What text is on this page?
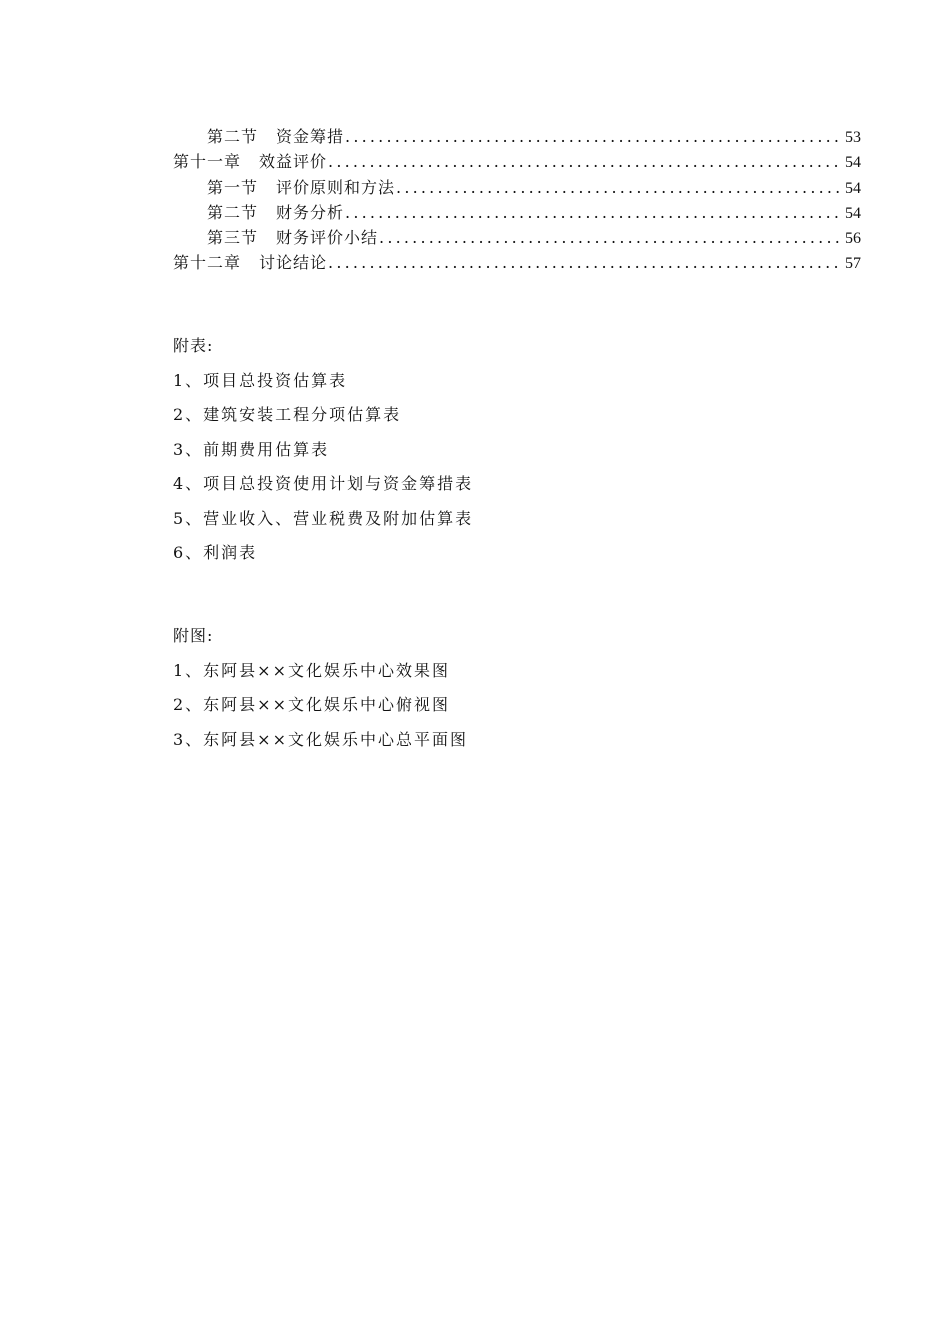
第二节 资金筹措 .....	53
第十一章 效益评价 .....	54
第一节 评价原则和方法 .....	54
第二节 财务分析 .....	54
第三节 财务评价小结 .....	56
第十二章 讨论结论 .....	57

附表:

1、项目总投资估算表
2、建筑安装工程分项估算表
3、前期费用估算表
4、项目总投资使用计划与资金筹措表
5、营业收入、营业税费及附加估算表
6、利润表

附图:

1、东阿县××文化娱乐中心效果图
2、东阿县××文化娱乐中心俯视图
3、东阿县××文化娱乐中心总平面图
